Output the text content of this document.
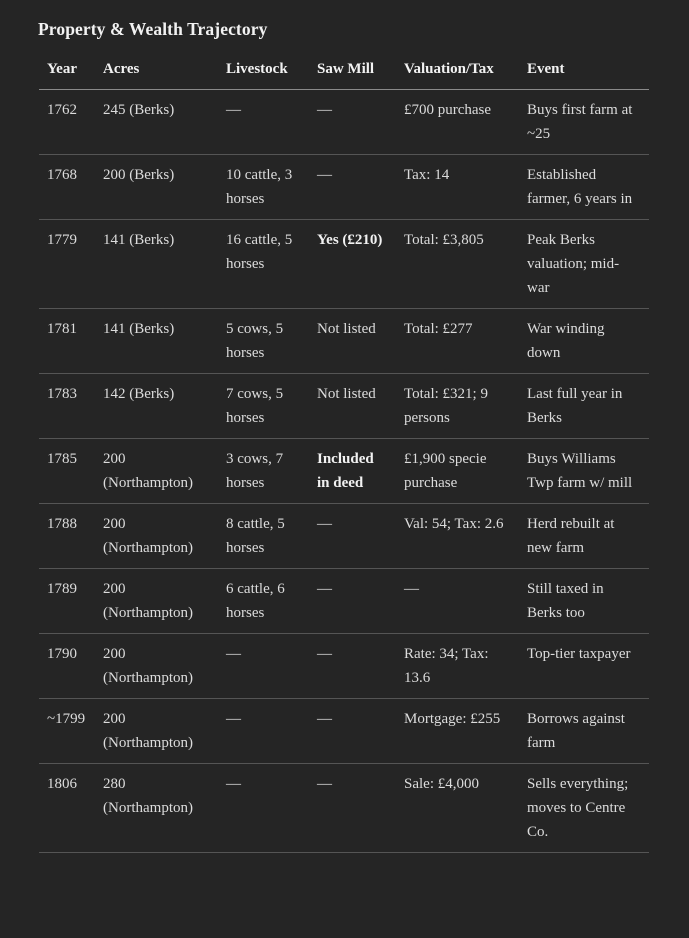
Property & Wealth Trajectory
Year	Acres	Livestock	Saw Mill	Valuation/Tax	Event
1762	245 (Berks)	—	—	£700 purchase	Buys first farm at ~25
1768	200 (Berks)	10 cattle, 3 horses	—	Tax: 14	Established farmer, 6 years in
1779	141 (Berks)	16 cattle, 5 horses	Yes (£210)	Total: £3,805	Peak Berks valuation; mid-war
1781	141 (Berks)	5 cows, 5 horses	Not listed	Total: £277	War winding down
1783	142 (Berks)	7 cows, 5 horses	Not listed	Total: £321; 9 persons	Last full year in Berks
1785	200 (Northampton)	3 cows, 7 horses	Included in deed	£1,900 specie purchase	Buys Williams Twp farm w/ mill
1788	200 (Northampton)	8 cattle, 5 horses	—	Val: 54; Tax: 2.6	Herd rebuilt at new farm
1789	200 (Northampton)	6 cattle, 6 horses	—	—	Still taxed in Berks too
1790	200 (Northampton)	—	—	Rate: 34; Tax: 13.6	Top-tier taxpayer
~1799	200 (Northampton)	—	—	Mortgage: £255	Borrows against farm
1806	280 (Northampton)	—	—	Sale: £4,000	Sells everything; moves to Centre Co.
